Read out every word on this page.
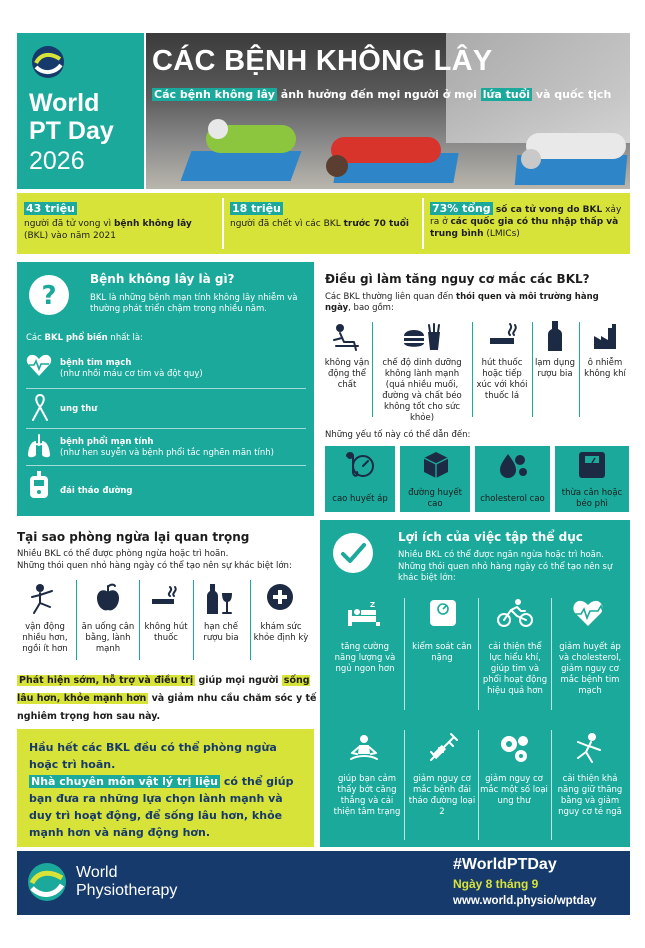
World
PT Day
2026
CÁC BỆNH KHÔNG LÂY
Các bệnh không lây ảnh hưởng đến mọi người ở mọi lứa tuổi và quốc tịch
43 triệu
người đã tử vong vì bệnh không lây (BKL) vào năm 2021
18 triệu
người đã chết vì các BKL trước 70 tuổi
73% tổng số ca tử vong do BKL xảy ra ở các quốc gia có thu nhập thấp và trung bình (LMICs)
?
Bệnh không lây là gì?
BKL là những bệnh mạn tính không lây nhiễm và thường phát triển chậm trong nhiều năm.
Các BKL phổ biến nhất là:
bệnh tim mạch
(như nhồi máu cơ tim và đột quỵ)
ung thư
bệnh phổi mạn tính
(như hen suyễn và bệnh phổi tắc nghẽn mãn tính)
đái tháo đường
Điều gì làm tăng nguy cơ mắc các BKL?
Các BKL thường liên quan đến thói quen và môi trường hàng ngày, bao gồm:
không vận động thể chất
chế độ dinh dưỡng không lành mạnh (quá nhiều muối, đường và chất béo không tốt cho sức khỏe)
hút thuốc hoặc tiếp xúc với khói thuốc lá
lạm dụng rượu bia
ô nhiễm không khí
Những yếu tố này có thể dẫn đến:
cao huyết áp
đường huyết cao	cholesterol cao
thừa cân hoặc béo phì
Tại sao phòng ngừa lại quan trọng
Nhiều BKL có thể được phòng ngừa hoặc trì hoãn.
Những thói quen nhỏ hàng ngày có thể tạo nên sự khác biệt lớn:
vận động nhiều hơn, ngồi ít hơn
ăn uống cân bằng, lành mạnh
không hút thuốc
hạn chế rượu bia
khám sức khỏe định kỳ
Phát hiện sớm, hỗ trợ và điều trị giúp mọi người sống lâu hơn, khỏe mạnh hơn và giảm nhu cầu chăm sóc y tế nghiêm trọng hơn sau này.
Hầu hết các BKL đều có thể phòng ngừa hoặc trì hoãn.
Nhà chuyên môn vật lý trị liệu có thể giúp bạn đưa ra những lựa chọn lành mạnh và duy trì hoạt động, để sống lâu hơn, khỏe mạnh hơn và năng động hơn.
Lợi ích của việc tập thể dục
Nhiều BKL có thể được ngăn ngừa hoặc trì hoãn.
Những thói quen nhỏ hàng ngày có thể tạo nên sự khác biệt lớn:
Z
tăng cường năng lượng và ngủ ngon hơn
kiểm soát cân nặng
cải thiện thể lực hiểu khí, giúp tim và phổi hoạt động hiệu quả hơn
giảm huyết áp và cholesterol, giảm nguy cơ mắc bệnh tim mạch
giúp bạn cảm thấy bớt căng thẳng và cải thiện tâm trạng
giảm nguy cơ mắc bệnh đái tháo đường loại 2
giảm nguy cơ mắc một số loại ung thư
cải thiện khả năng giữ thăng bằng và giảm nguy cơ té ngã
World
Physiotherapy
#WorldPTDay
Ngày 8 tháng 9
www.world.physio/wptday
